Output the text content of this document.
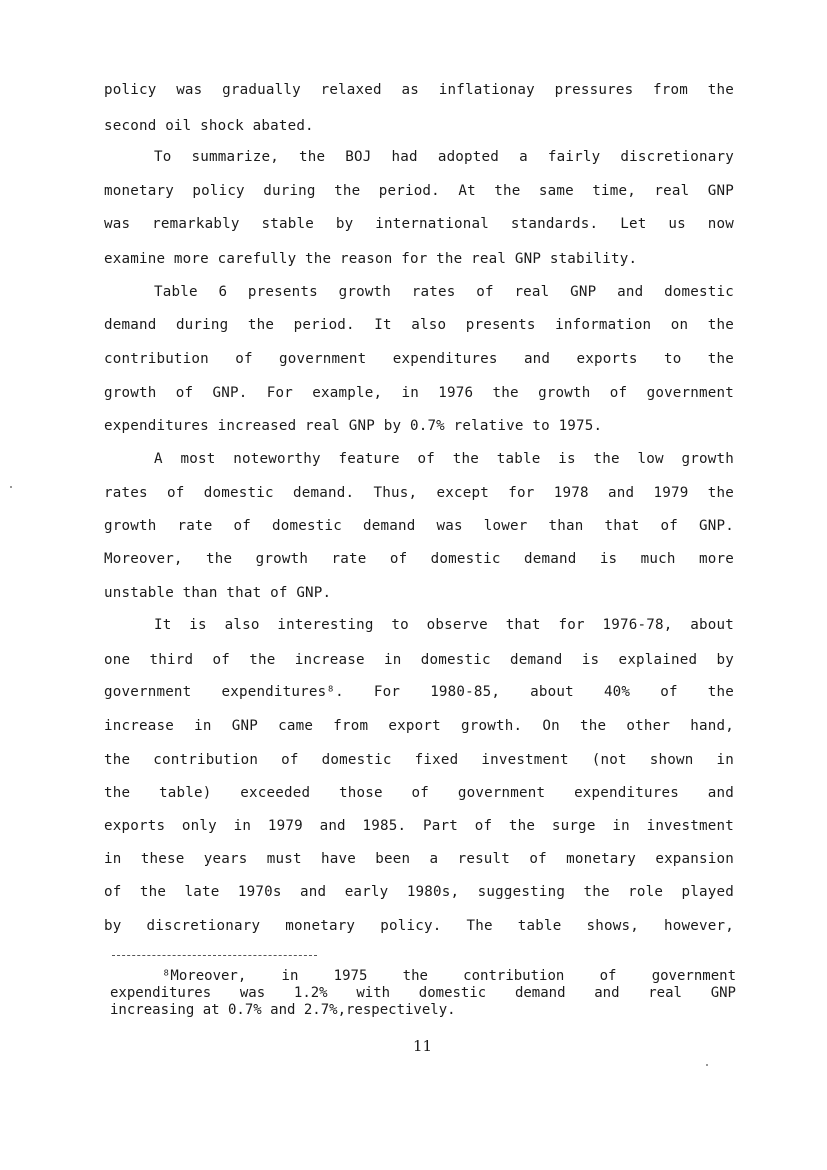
policy was gradually relaxed as inflationay pressures from the
second oil shock abated.
To summarize, the BOJ had adopted a fairly discretionary
monetary policy during the period. At the same time, real GNP
was remarkably stable by international standards. Let us now
examine more carefully the reason for the real GNP stability.
Table 6 presents growth rates of real GNP and domestic
demand during the period. It also presents information on the
contribution of government expenditures and exports to the
growth of GNP. For example, in 1976 the growth of government
expenditures increased real GNP by 0.7% relative to 1975.
A most noteworthy feature of the table is the low growth
rates of domestic demand. Thus, except for 1978 and 1979 the
growth rate of domestic demand was lower than that of GNP.
Moreover, the growth rate of domestic demand is much more
unstable than that of GNP.
It is also interesting to observe that for 1976-78, about
one third of the increase in domestic demand is explained by
government expenditures⁸. For 1980-85, about 40% of the
increase in GNP came from export growth. On the other hand,
the contribution of domestic fixed investment (not shown in
the table) exceeded those of government expenditures and
exports only in 1979 and 1985. Part of the surge in investment
in these years must have been a result of monetary expansion
of the late 1970s and early 1980s, suggesting the role played
by discretionary monetary policy. The table shows, however,
⁸Moreover, in 1975 the contribution of government
expenditures was 1.2% with domestic demand and real GNP
increasing at 0.7% and 2.7%,respectively.
11
